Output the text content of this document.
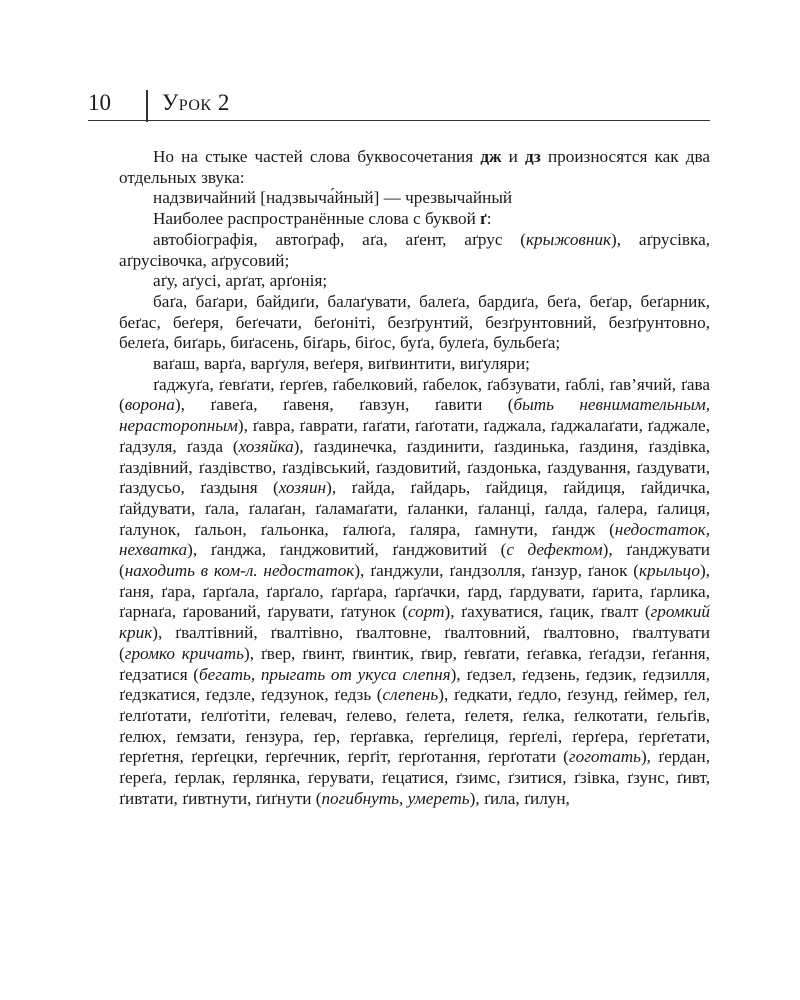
10 Урок 2

Но на стыке частей слова буквосочетания дж и дз произносятся как два отдельных звука:

надзвичайний [надзвыча́йный] — чрезвычайный

Наиболее распространённые слова с буквой ґ:

автобіографія, автоґраф, аґа, аґент, аґрус (крыжовник), аґрусівка, аґрусівочка, аґрусовий;

аґу, аґусі, арґат, арґонія;

баґа, баґари, байдиґи, балаґувати, балеґа, бардиґа, беґа, беґар, беґарник, беґас, беґеря, беґечати, беґоніті, безґрунтий, безґрунтовний, безґрунтовно, белеґа, биґарь, биґасень, біґарь, біґос, буґа, булеґа, бульбеґа;

ваґаш, варґа, варґуля, веґеря, виґвинтити, виґуляри;

ґаджуґа, ґевґати, ґерґев, ґабелковий, ґабелок, ґабзувати, ґаблі, ґав’ячий, ґава (ворона), ґавеґа, ґавеня, ґавзун, ґавити (быть невнимательным, нерасторопным), ґавра, ґаврати, ґаґати, ґаґотати, ґаджала, ґаджалаґати, ґаджале, ґадзуля, ґазда (хозяйка), ґаздинечка, ґаздинити, ґаздинька, ґаздиня, ґаздівка, ґаздівний, ґаздівство, ґаздівський, ґаздовитий, ґаздонька, ґаздування, ґаздувати, ґаздусьо, ґаздыня (хозяин), ґайда, ґайдарь, ґайдиця, ґайдиця, ґайдичка, ґайдувати, ґала, ґалаґан, ґаламаґати, ґаланки, ґаланці, ґалда, ґалера, ґалиця, ґалунок, ґальон, ґальонка, ґалюґа, ґаляра, ґамнути, ґандж (недостаток, нехватка), ґанджа, ґанджовитий, ґанджовитий (с дефектом), ґанджувати (находить в ком-л. недостаток), ґанджули, ґандзолля, ґанзур, ґанок (крыльцо), ґаня, ґара, ґарґала, ґарґало, ґарґара, ґарґачки, ґард, ґардувати, ґарита, ґарлика, ґарнаґа, ґарований, ґарувати, ґатунок (сорт), ґахуватися, ґацик, ґвалт (громкий крик), ґвалтівний, ґвалтівно, ґвалтовне, ґвалтовний, ґвалтовно, ґвалтувати (громко кричать), ґвер, ґвинт, ґвинтик, ґвир, ґевґати, ґеґавка, ґеґадзи, ґеґання, ґедзатися (бегать, прыгать от укуса слепня), ґедзел, ґедзень, ґедзик, ґедзилля, ґедзкатися, ґедзле, ґедзунок, ґедзь (слепень), ґедкати, ґедло, ґезунд, ґеймер, ґел, ґелґотати, ґелґотіти, ґелевач, ґелево, ґелета, ґелетя, ґелка, ґелкотати, ґельґів, ґелюх, ґемзати, ґензура, ґер, ґерґавка, ґерґелиця, ґерґелі, ґерґера, ґерґетати, ґерґетня, ґерґецки, ґерґечник, ґерґіт, ґерґотання, ґерґотати (гоготать), ґердан, ґереґа, ґерлак, ґерлянка, ґерувати, ґецатися, ґзимс, ґзитися, ґзівка, ґзунс, ґивт, ґивтати, ґивтнути, ґиґнути (погибнуть, умереть), ґила, ґилун,
